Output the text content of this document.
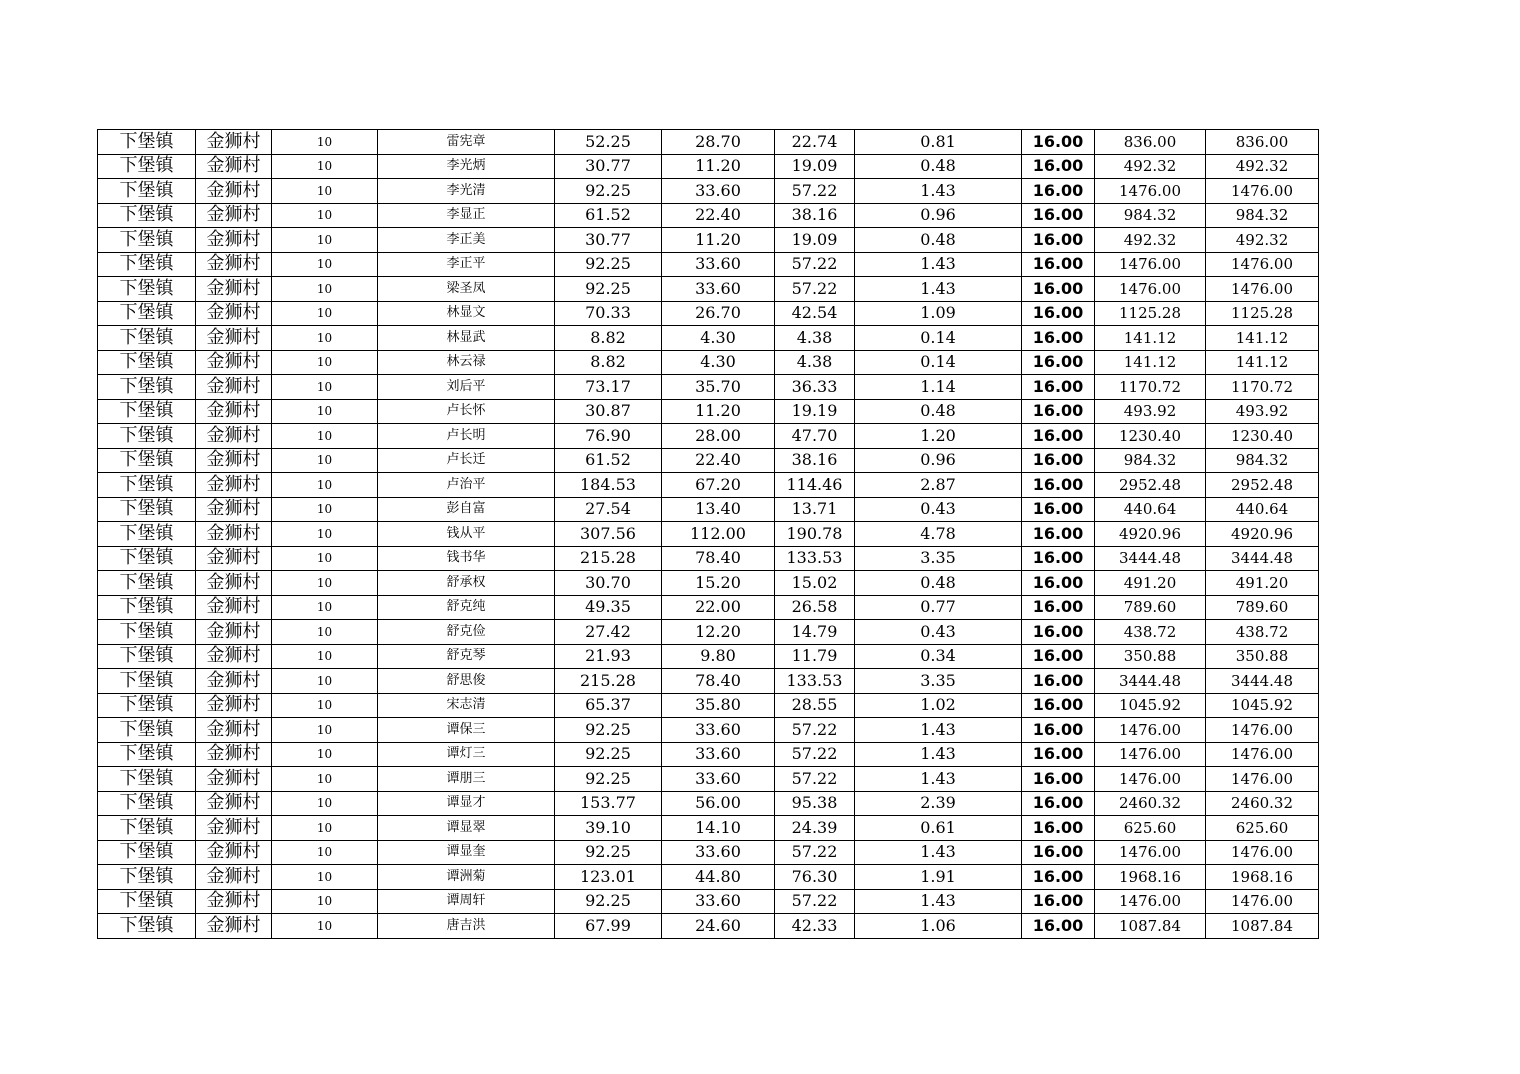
下堡镇	金狮村	10	雷宪章	52.25	28.70	22.74	0.81	16.00	836.00	836.00
下堡镇	金狮村	10	李光炳	30.77	11.20	19.09	0.48	16.00	492.32	492.32
下堡镇	金狮村	10	李光清	92.25	33.60	57.22	1.43	16.00	1476.00	1476.00
下堡镇	金狮村	10	李显正	61.52	22.40	38.16	0.96	16.00	984.32	984.32
下堡镇	金狮村	10	李正美	30.77	11.20	19.09	0.48	16.00	492.32	492.32
下堡镇	金狮村	10	李正平	92.25	33.60	57.22	1.43	16.00	1476.00	1476.00
下堡镇	金狮村	10	梁圣凤	92.25	33.60	57.22	1.43	16.00	1476.00	1476.00
下堡镇	金狮村	10	林显文	70.33	26.70	42.54	1.09	16.00	1125.28	1125.28
下堡镇	金狮村	10	林显武	8.82	4.30	4.38	0.14	16.00	141.12	141.12
下堡镇	金狮村	10	林云禄	8.82	4.30	4.38	0.14	16.00	141.12	141.12
下堡镇	金狮村	10	刘后平	73.17	35.70	36.33	1.14	16.00	1170.72	1170.72
下堡镇	金狮村	10	卢长怀	30.87	11.20	19.19	0.48	16.00	493.92	493.92
下堡镇	金狮村	10	卢长明	76.90	28.00	47.70	1.20	16.00	1230.40	1230.40
下堡镇	金狮村	10	卢长迁	61.52	22.40	38.16	0.96	16.00	984.32	984.32
下堡镇	金狮村	10	卢治平	184.53	67.20	114.46	2.87	16.00	2952.48	2952.48
下堡镇	金狮村	10	彭自富	27.54	13.40	13.71	0.43	16.00	440.64	440.64
下堡镇	金狮村	10	钱从平	307.56	112.00	190.78	4.78	16.00	4920.96	4920.96
下堡镇	金狮村	10	钱书华	215.28	78.40	133.53	3.35	16.00	3444.48	3444.48
下堡镇	金狮村	10	舒承权	30.70	15.20	15.02	0.48	16.00	491.20	491.20
下堡镇	金狮村	10	舒克纯	49.35	22.00	26.58	0.77	16.00	789.60	789.60
下堡镇	金狮村	10	舒克俭	27.42	12.20	14.79	0.43	16.00	438.72	438.72
下堡镇	金狮村	10	舒克琴	21.93	9.80	11.79	0.34	16.00	350.88	350.88
下堡镇	金狮村	10	舒思俊	215.28	78.40	133.53	3.35	16.00	3444.48	3444.48
下堡镇	金狮村	10	宋志清	65.37	35.80	28.55	1.02	16.00	1045.92	1045.92
下堡镇	金狮村	10	谭保三	92.25	33.60	57.22	1.43	16.00	1476.00	1476.00
下堡镇	金狮村	10	谭灯三	92.25	33.60	57.22	1.43	16.00	1476.00	1476.00
下堡镇	金狮村	10	谭朋三	92.25	33.60	57.22	1.43	16.00	1476.00	1476.00
下堡镇	金狮村	10	谭显才	153.77	56.00	95.38	2.39	16.00	2460.32	2460.32
下堡镇	金狮村	10	谭显翠	39.10	14.10	24.39	0.61	16.00	625.60	625.60
下堡镇	金狮村	10	谭显奎	92.25	33.60	57.22	1.43	16.00	1476.00	1476.00
下堡镇	金狮村	10	谭洲菊	123.01	44.80	76.30	1.91	16.00	1968.16	1968.16
下堡镇	金狮村	10	谭周轩	92.25	33.60	57.22	1.43	16.00	1476.00	1476.00
下堡镇	金狮村	10	唐吉洪	67.99	24.60	42.33	1.06	16.00	1087.84	1087.84
